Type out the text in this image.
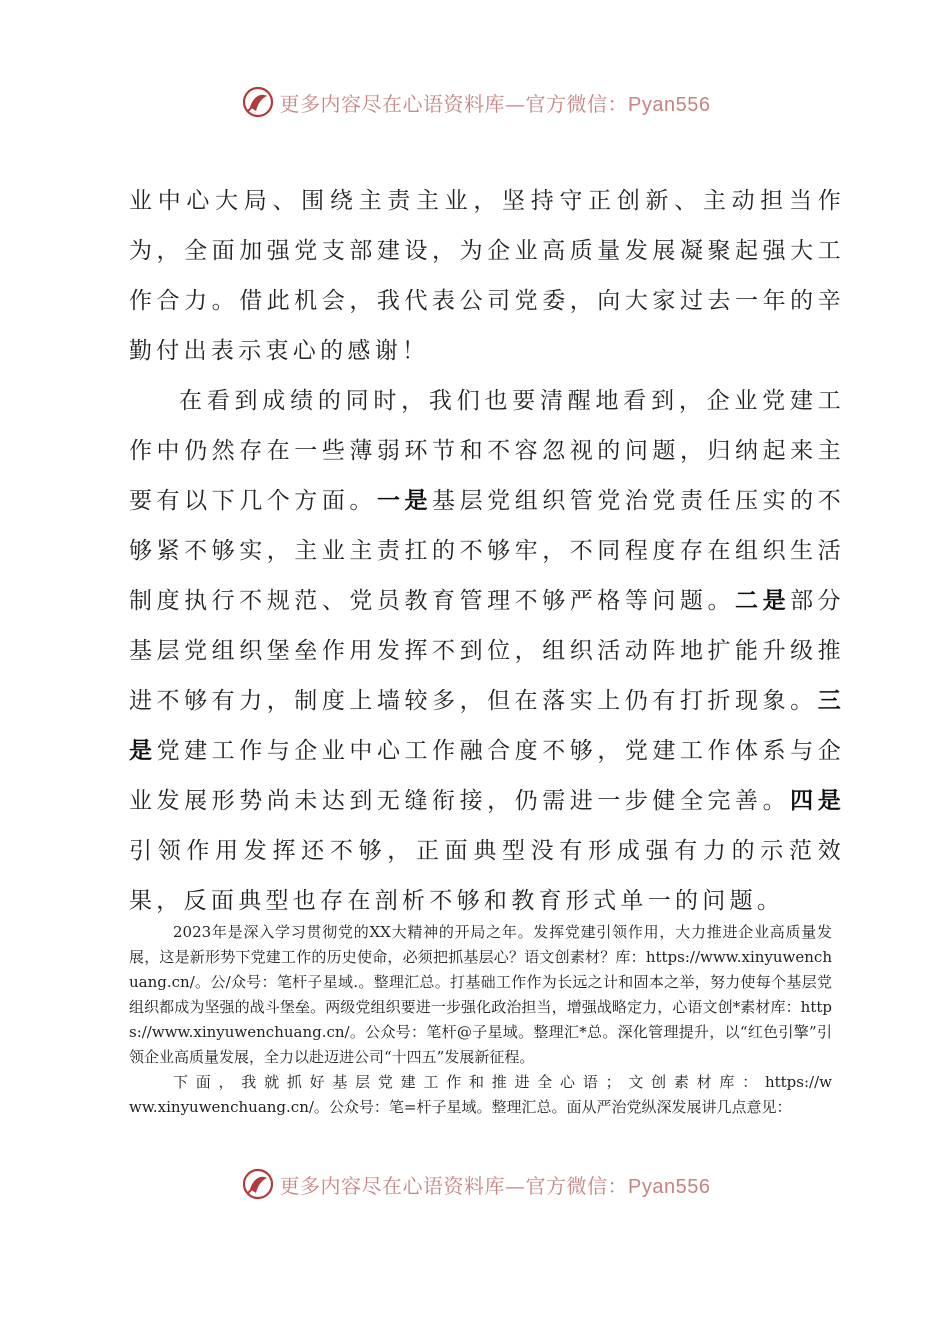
更多内容尽在心语资料库—官方微信：Pyan556

业中心大局、围绕主责主业，坚持守正创新、主动担当作为，全面加强党支部建设，为企业高质量发展凝聚起强大工作合力。借此机会，我代表公司党委，向大家过去一年的辛勤付出表示衷心的感谢！

在看到成绩的同时，我们也要清醒地看到，企业党建工作中仍然存在一些薄弱环节和不容忽视的问题，归纳起来主要有以下几个方面。一是基层党组织管党治党责任压实的不够紧不够实，主业主责扛的不够牢，不同程度存在组织生活制度执行不规范、党员教育管理不够严格等问题。二是部分基层党组织堡垒作用发挥不到位，组织活动阵地扩能升级推进不够有力，制度上墙较多，但在落实上仍有打折现象。三是党建工作与企业中心工作融合度不够，党建工作体系与企业发展形势尚未达到无缝衔接，仍需进一步健全完善。四是引领作用发挥还不够，正面典型没有形成强有力的示范效果，反面典型也存在剖析不够和教育形式单一的问题。

2023年是深入学习贯彻党的XX大精神的开局之年。发挥党建引领作用，大力推进企业高质量发展，这是新形势下党建工作的历史使命，必须把抓基层心？语文创素材？库：https://www.xinyuwenchuang.cn/。公/众号：笔杆子星域.。整理汇总。打基础工作作为长远之计和固本之举，努力使每个基层党组织都成为坚强的战斗堡垒。两级党组织要进一步强化政治担当，增强战略定力，心语文创*素材库：https://www.xinyuwenchuang.cn/。公众号：笔杆@子星域。整理汇*总。深化管理提升，以“红色引擎”引领企业高质量发展，全力以赴迈进公司“十四五”发展新征程。

下面，我就抓好基层党建工作和推进全心语；文创素材库：https://www.xinyuwenchuang.cn/。公众号：笔=杆子星域。整理汇总。面从严治党纵深发展讲几点意见：

更多内容尽在心语资料库—官方微信：Pyan556
